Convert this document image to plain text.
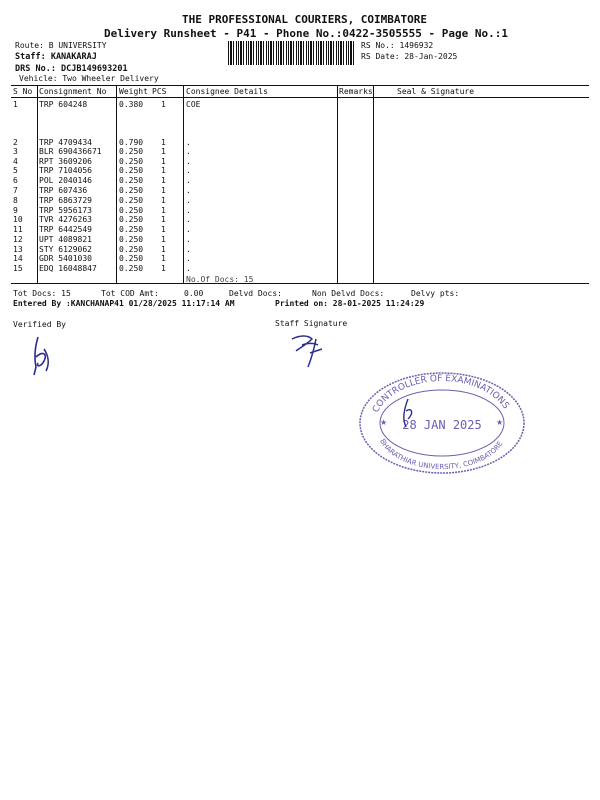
THE PROFESSIONAL COURIERS, COIMBATORE
Delivery Runsheet - P41 - Phone No.:0422-3505555 - Page No.:1
Route: B UNIVERSITY
Staff: KANAKARAJ
DRS No.: DCJB149693201
Vehicle: Two Wheeler Delivery
RS No.: 1496932
RS Date: 28-Jan-2025
S No Consignment No Weight PCS Consignee Details	Remarks	Seal & Signature
1	TRP 604248	0.380 1	COE
2	TRP 4709434	0.790 1	.
3	BLR 690436671 0.250 1	.
4	RPT 3609206	0.250 1	.
5	TRP 7104056	0.250 1	.
6	POL 2040146	0.250 1	.
7	TRP 607436	0.250 1	.
8	TRP 6863729	0.250 1	.
9	TRP 5956173	0.250 1	.
10 TVR 4276263	0.250 1	.
11 TRP 6442549	0.250 1	.
12 UPT 4089821	0.250 1	.
13 STY 6129062	0.250 1	.
14 GDR 5401030	0.250 1	.
15 EDQ 16048847	0.250 1	.
No.Of Docs: 15
Tot Docs: 15	Tot COD Amt:	0.00	Delvd Docs:	Non Delvd Docs:	Delvy pts:
Entered By :KANCHANAP41 01/28/2025 11:17:14 AM	Printed on: 28-01-2025 11:24:29
Verified By	Staff Signature
CONTROLLER OF EXAMINATIONS
BHARATHIAR UNIVERSITY, COIMBATORE
28 JAN 2025
★	★
